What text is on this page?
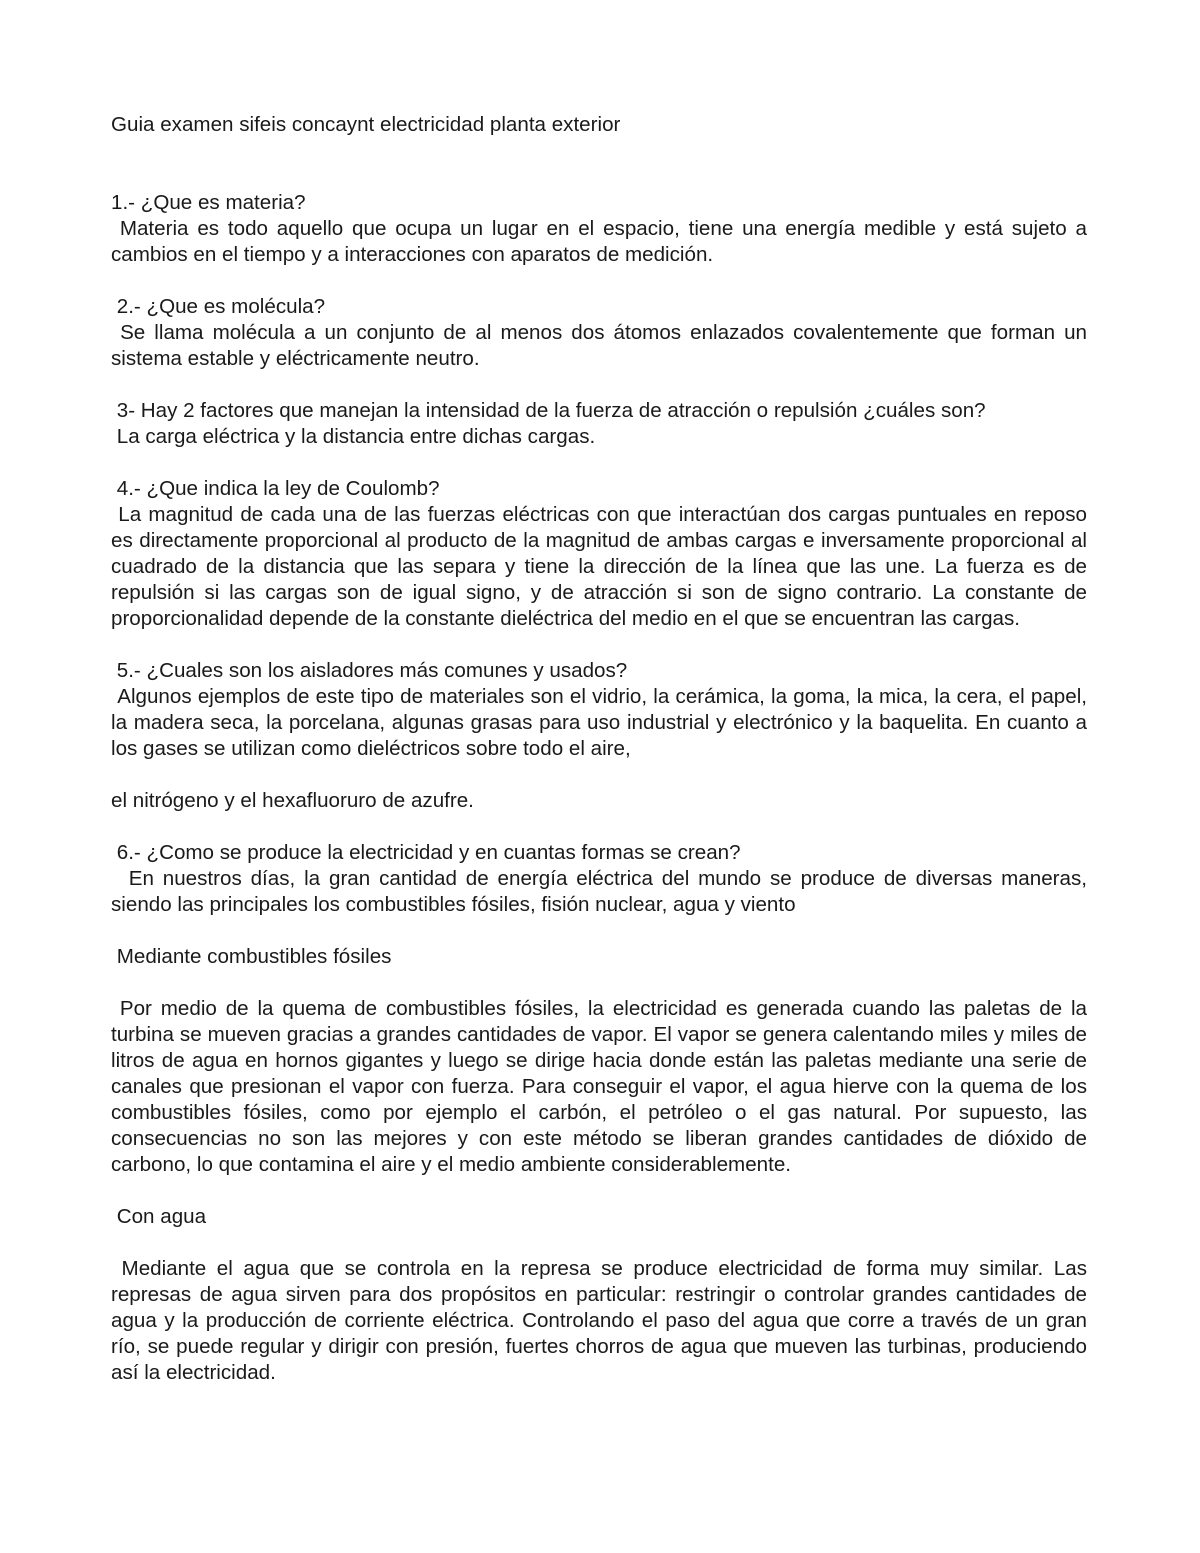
Guia examen sifeis concaynt electricidad planta exterior

1.- ¿Que es materia?

Materia es todo aquello que ocupa un lugar en el espacio, tiene una energía medible y está sujeto a cambios en el tiempo y a interacciones con aparatos de medición.

2.- ¿Que es molécula?

Se llama molécula a un conjunto de al menos dos átomos enlazados covalentemente que forman un sistema estable y eléctricamente neutro.

3- Hay 2 factores que manejan la intensidad de la fuerza de atracción o repulsión ¿cuáles son?

La carga eléctrica y la distancia entre dichas cargas.

4.- ¿Que indica la ley de Coulomb?

La magnitud de cada una de las fuerzas eléctricas con que interactúan dos cargas puntuales en reposo es directamente proporcional al producto de la magnitud de ambas cargas e inversamente proporcional al cuadrado de la distancia que las separa y tiene la dirección de la línea que las une. La fuerza es de repulsión si las cargas son de igual signo, y de atracción si son de signo contrario. La constante de proporcionalidad depende de la constante dieléctrica del medio en el que se encuentran las cargas.

5.- ¿Cuales son los aisladores más comunes y usados?

Algunos ejemplos de este tipo de materiales son el vidrio, la cerámica, la goma, la mica, la cera, el papel, la madera seca, la porcelana, algunas grasas para uso industrial y electrónico y la baquelita. En cuanto a los gases se utilizan como dieléctricos sobre todo el aire,

el nitrógeno y el hexafluoruro de azufre.

6.- ¿Como se produce la electricidad y en cuantas formas se crean?

En nuestros días, la gran cantidad de energía eléctrica del mundo se produce de diversas maneras, siendo las principales los combustibles fósiles, fisión nuclear, agua y viento

Mediante combustibles fósiles

Por medio de la quema de combustibles fósiles, la electricidad es generada cuando las paletas de la turbina se mueven gracias a grandes cantidades de vapor. El vapor se genera calentando miles y miles de litros de agua en hornos gigantes y luego se dirige hacia donde están las paletas mediante una serie de canales que presionan el vapor con fuerza. Para conseguir el vapor, el agua hierve con la quema de los combustibles fósiles, como por ejemplo el carbón, el petróleo o el gas natural. Por supuesto, las consecuencias no son las mejores y con este método se liberan grandes cantidades de dióxido de carbono, lo que contamina el aire y el medio ambiente considerablemente.

Con agua

Mediante el agua que se controla en la represa se produce electricidad de forma muy similar. Las represas de agua sirven para dos propósitos en particular: restringir o controlar grandes cantidades de agua y la producción de corriente eléctrica. Controlando el paso del agua que corre a través de un gran río, se puede regular y dirigir con presión, fuertes chorros de agua que mueven las turbinas, produciendo así la electricidad.
